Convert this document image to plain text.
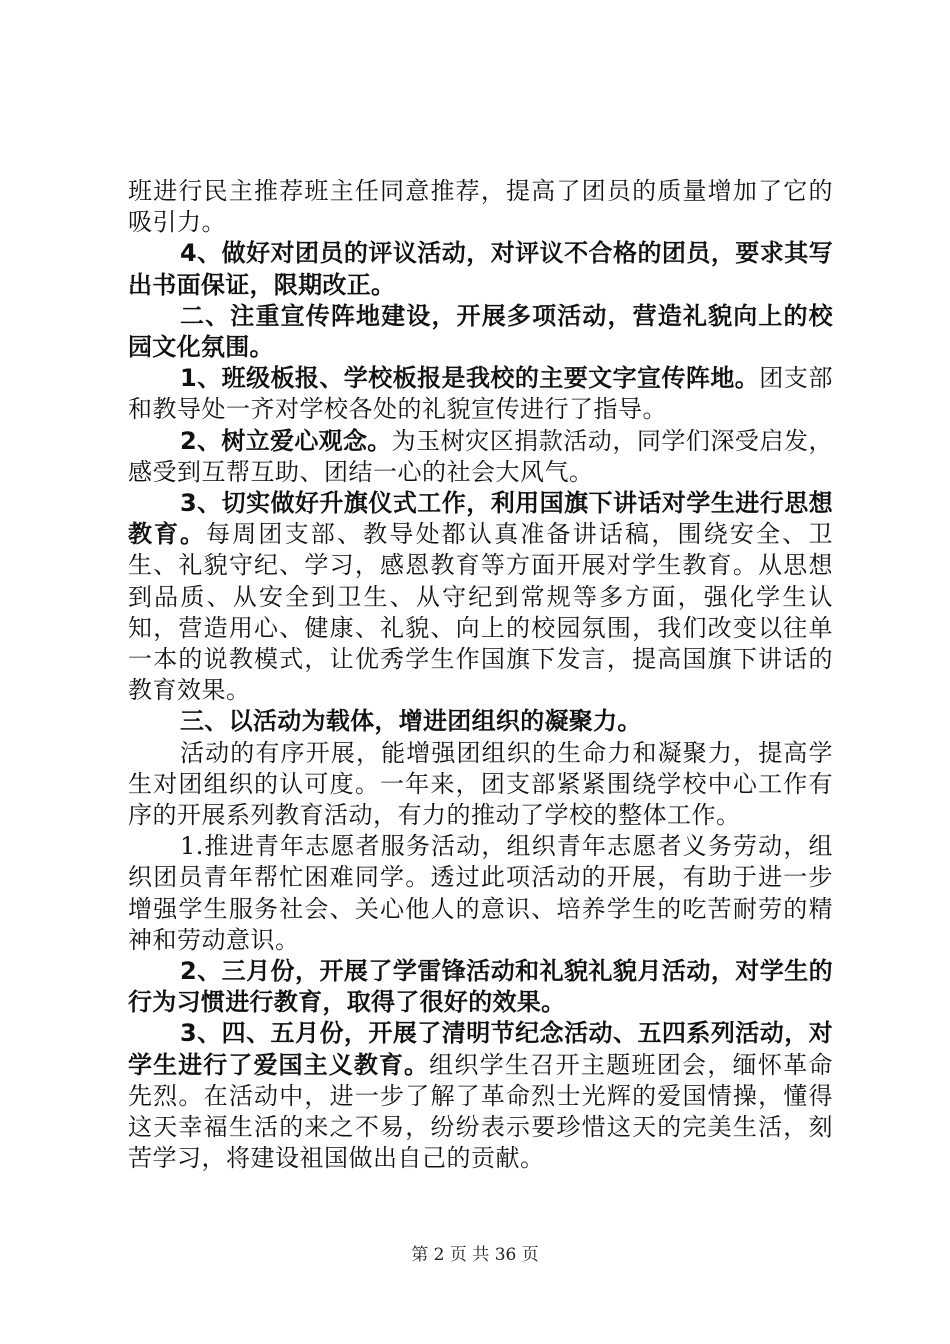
班进行民主推荐班主任同意推荐，提高了团员的质量增加了它的吸引力。

4、做好对团员的评议活动，对评议不合格的团员，要求其写出书面保证，限期改正。

二、注重宣传阵地建设，开展多项活动，营造礼貌向上的校园文化氛围。

1、班级板报、学校板报是我校的主要文字宣传阵地。团支部和教导处一齐对学校各处的礼貌宣传进行了指导。

2、树立爱心观念。为玉树灾区捐款活动，同学们深受启发，感受到互帮互助、团结一心的社会大风气。

3、切实做好升旗仪式工作，利用国旗下讲话对学生进行思想教育。每周团支部、教导处都认真准备讲话稿，围绕安全、卫生、礼貌守纪、学习，感恩教育等方面开展对学生教育。从思想到品质、从安全到卫生、从守纪到常规等多方面，强化学生认知，营造用心、健康、礼貌、向上的校园氛围，我们改变以往单一本的说教模式，让优秀学生作国旗下发言，提高国旗下讲话的教育效果。

三、以活动为载体，增进团组织的凝聚力。

活动的有序开展，能增强团组织的生命力和凝聚力，提高学生对团组织的认可度。一年来，团支部紧紧围绕学校中心工作有序的开展系列教育活动，有力的推动了学校的整体工作。

1.推进青年志愿者服务活动，组织青年志愿者义务劳动，组织团员青年帮忙困难同学。透过此项活动的开展，有助于进一步增强学生服务社会、关心他人的意识、培养学生的吃苦耐劳的精神和劳动意识。

2、三月份，开展了学雷锋活动和礼貌礼貌月活动，对学生的行为习惯进行教育，取得了很好的效果。

3、四、五月份，开展了清明节纪念活动、五四系列活动，对学生进行了爱国主义教育。组织学生召开主题班团会，缅怀革命先烈。在活动中，进一步了解了革命烈士光辉的爱国情操，懂得这天幸福生活的来之不易，纷纷表示要珍惜这天的完美生活，刻苦学习，将建设祖国做出自己的贡献。

第 2 页 共 36 页
